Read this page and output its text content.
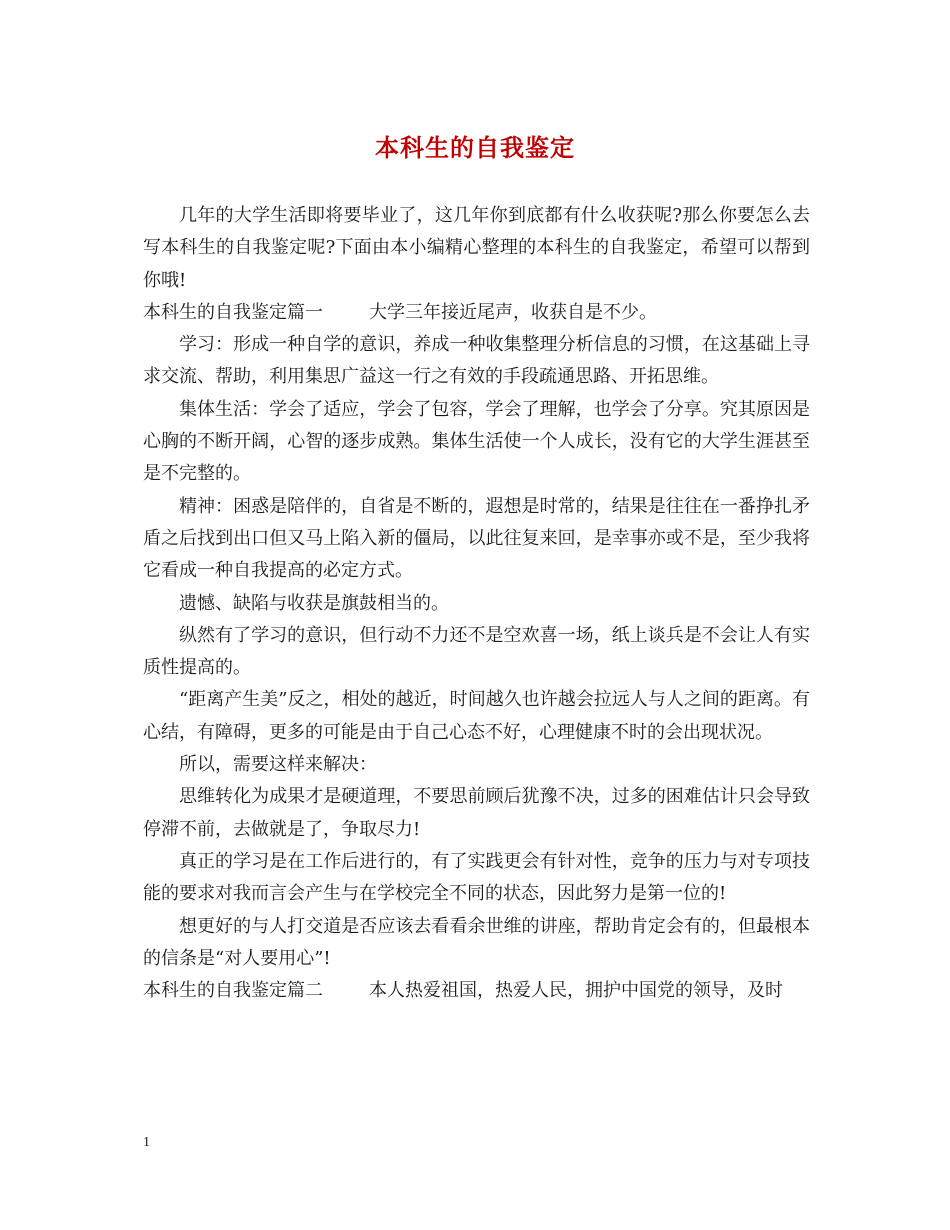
本科生的自我鉴定

几年的大学生活即将要毕业了，这几年你到底都有什么收获呢?那么你要怎么去写本科生的自我鉴定呢?下面由本小编精心整理的本科生的自我鉴定，希望可以帮到你哦!

本科生的自我鉴定篇一	大学三年接近尾声，收获自是不少。

学习：形成一种自学的意识，养成一种收集整理分析信息的习惯，在这基础上寻求交流、帮助，利用集思广益这一行之有效的手段疏通思路、开拓思维。

集体生活：学会了适应，学会了包容，学会了理解，也学会了分享。究其原因是心胸的不断开阔，心智的逐步成熟。集体生活使一个人成长，没有它的大学生涯甚至是不完整的。

精神：困惑是陪伴的，自省是不断的，遐想是时常的，结果是往往在一番挣扎矛盾之后找到出口但又马上陷入新的僵局，以此往复来回，是幸事亦或不是，至少我将它看成一种自我提高的必定方式。

遗憾、缺陷与收获是旗鼓相当的。

纵然有了学习的意识，但行动不力还不是空欢喜一场，纸上谈兵是不会让人有实质性提高的。

“距离产生美”反之，相处的越近，时间越久也许越会拉远人与人之间的距离。有心结，有障碍，更多的可能是由于自己心态不好，心理健康不时的会出现状况。

所以，需要这样来解决：

思维转化为成果才是硬道理，不要思前顾后犹豫不决，过多的困难估计只会导致停滞不前，去做就是了，争取尽力!

真正的学习是在工作后进行的，有了实践更会有针对性，竞争的压力与对专项技能的要求对我而言会产生与在学校完全不同的状态，因此努力是第一位的!

想更好的与人打交道是否应该去看看余世维的讲座，帮助肯定会有的，但最根本的信条是“对人要用心”!

本科生的自我鉴定篇二	本人热爱祖国，热爱人民，拥护中国党的领导，及时

1
